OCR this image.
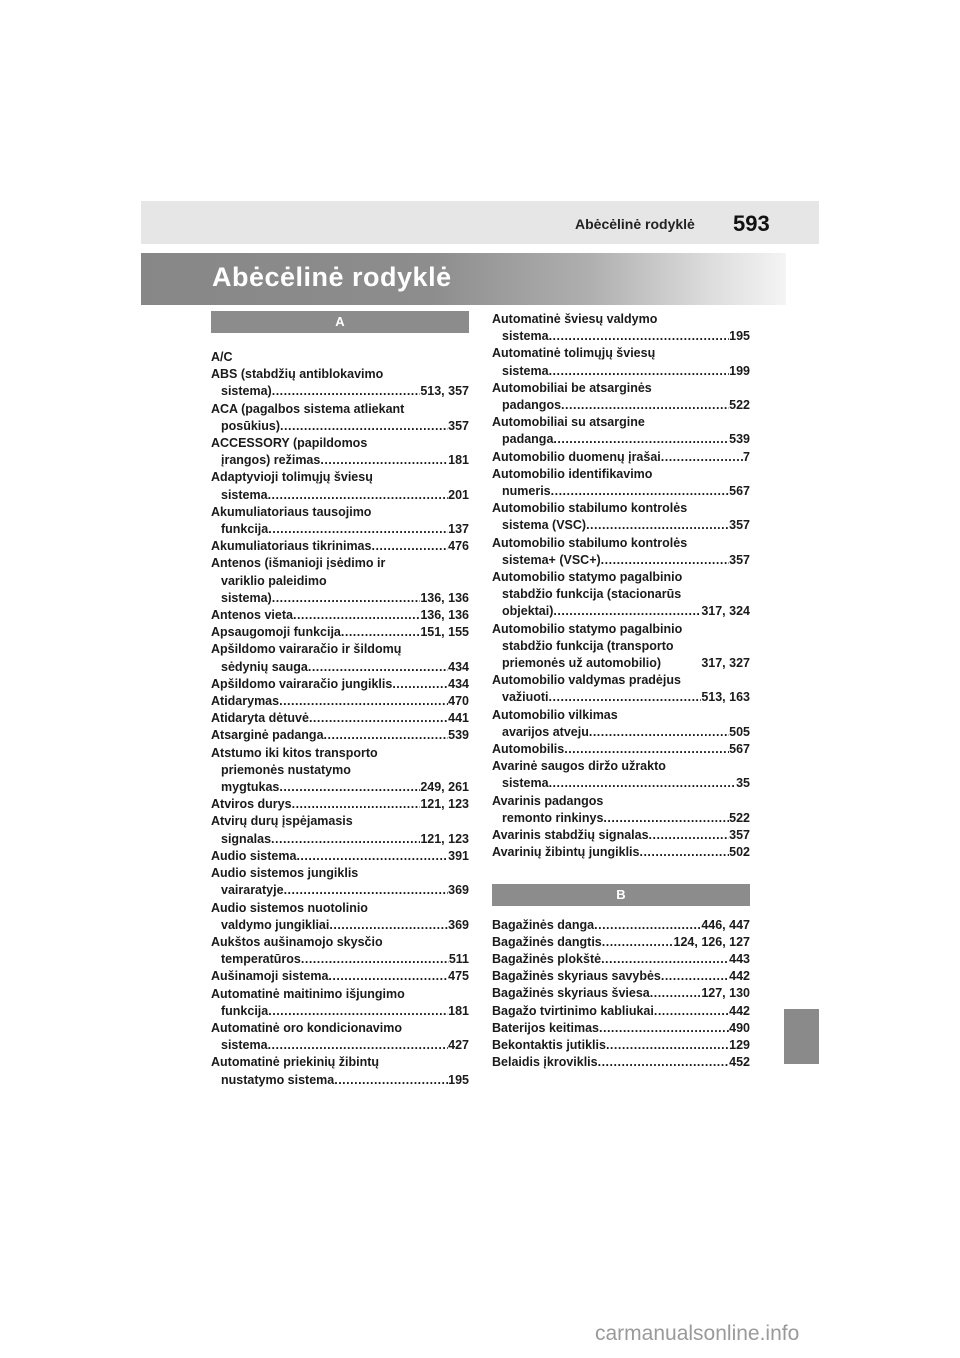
Abėcėlinė rodyklė 593
Abėcėlinė rodyklė
A
A/C
ABS (stabdžių antiblokavimo
sistema) .....	513, 357
ACA (pagalbos sistema atliekant
posūkius) .....	357
ACCESSORY (papildomos
įrangos) režimas .....	181
Adaptyvioji tolimųjų šviesų
sistema .....	201
Akumuliatoriaus tausojimo
funkcija .....	137
Akumuliatoriaus tikrinimas .....	476
Antenos (išmanioji įsėdimo ir
variklio paleidimo
sistema) .....	136, 136
Antenos vieta .....	136, 136
Apsaugomoji funkcija .....	151, 155
Apšildomo vairaračio ir šildomų
sėdynių sauga .....	434
Apšildomo vairaračio jungiklis .....	434
Atidarymas .....	470
Atidaryta dėtuvė .....	441
Atsarginė padanga .....	539
Atstumo iki kitos transporto
priemonės nustatymo
mygtukas .....	249, 261
Atviros durys .....	121, 123
Atvirų durų įspėjamasis
signalas .....	121, 123
Audio sistema .....	391
Audio sistemos jungiklis
vairaratyje .....	369
Audio sistemos nuotolinio
valdymo jungikliai .....	369
Aukštos aušinamojo skysčio
temperatūros .....	511
Aušinamoji sistema .....	475
Automatinė maitinimo išjungimo
funkcija .....	181
Automatinė oro kondicionavimo
sistema .....	427
Automatinė priekinių žibintų
nustatymo sistema .....	195
Automatinė šviesų valdymo
sistema .....	195
Automatinė tolimųjų šviesų
sistema .....	199
Automobiliai be atsarginės
padangos .....	522
Automobiliai su atsargine
padanga .....	539
Automobilio duomenų įrašai .....	7
Automobilio identifikavimo
numeris .....	567
Automobilio stabilumo kontrolės
sistema (VSC) .....	357
Automobilio stabilumo kontrolės
sistema+ (VSC+) .....	357
Automobilio statymo pagalbinio
stabdžio funkcija (stacionarūs
objektai) .....	317, 324
Automobilio statymo pagalbinio
stabdžio funkcija (transporto
priemonės už automobilio)	317, 327
Automobilio valdymas pradėjus
važiuoti .....	513, 163
Automobilio vilkimas
avarijos atveju .....	505
Automobilis .....	567
Avarinė saugos diržo užrakto
sistema .....	35
Avarinis padangos
remonto rinkinys .....	522
Avarinis stabdžių signalas .....	357
Avarinių žibintų jungiklis .....	502
B
Bagažinės danga .....	446, 447
Bagažinės dangtis .....	124, 126, 127
Bagažinės plokštė .....	443
Bagažinės skyriaus savybės .....	442
Bagažinės skyriaus šviesa .....	127, 130
Bagažo tvirtinimo kabliukai .....	442
Baterijos keitimas .....	490
Bekontaktis jutiklis .....	129
Belaidis įkroviklis .....	452
carmanualsonline.info
